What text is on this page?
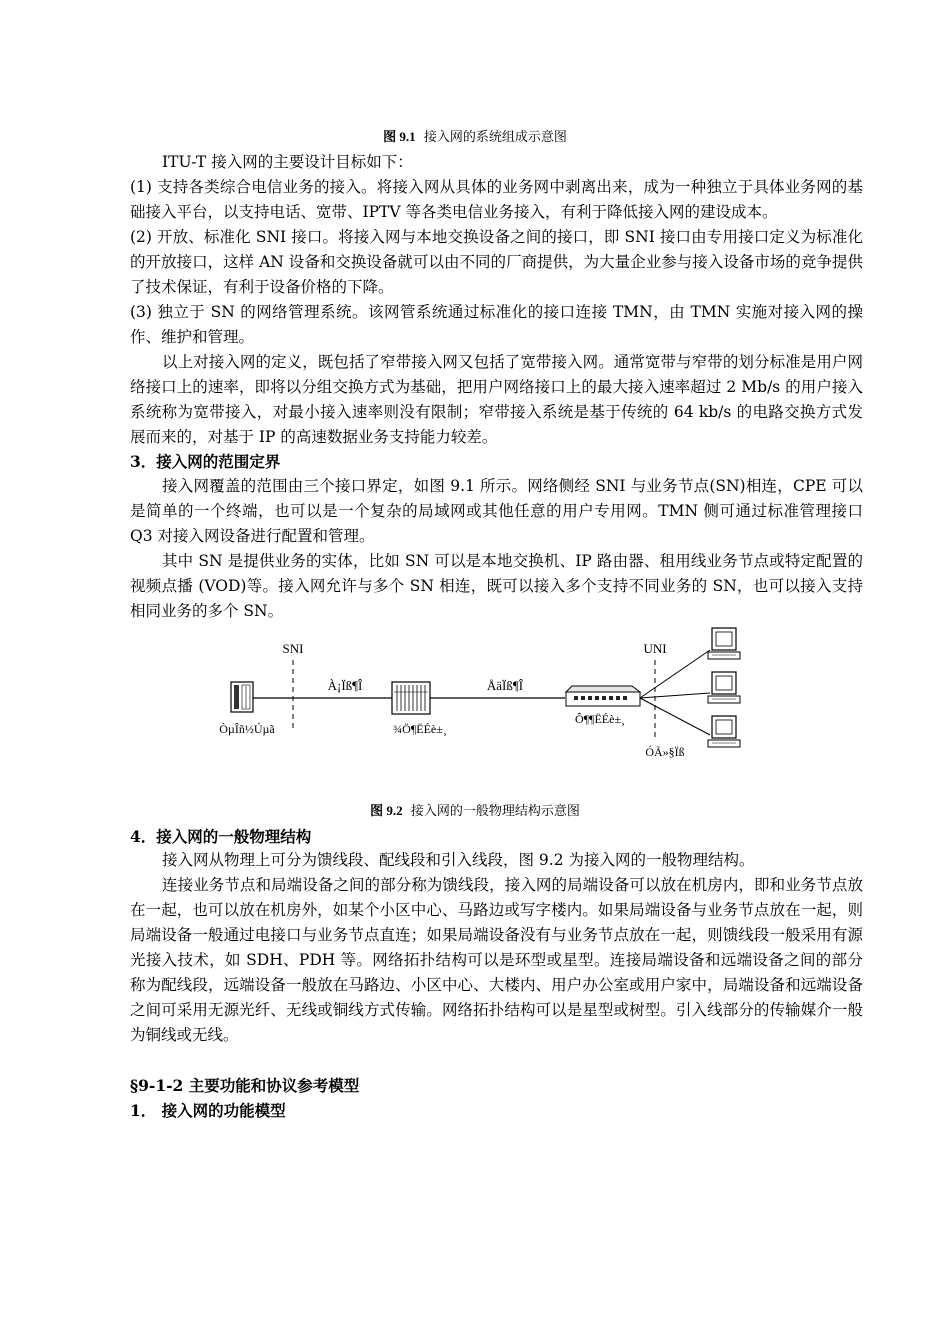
图 9.1 接入网的系统组成示意图

ITU-T 接入网的主要设计目标如下：

(1) 支持各类综合电信业务的接入。将接入网从具体的业务网中剥离出来，成为一种独立于具体业务网的基础接入平台，以支持电话、宽带、IPTV 等各类电信业务接入，有利于降低接入网的建设成本。

(2) 开放、标准化 SNI 接口。将接入网与本地交换设备之间的接口，即 SNI 接口由专用接口定义为标准化的开放接口，这样 AN 设备和交换设备就可以由不同的厂商提供，为大量企业参与接入设备市场的竞争提供了技术保证，有利于设备价格的下降。

(3) 独立于 SN 的网络管理系统。该网管系统通过标准化的接口连接 TMN，由 TMN 实施对接入网的操作、维护和管理。

以上对接入网的定义，既包括了窄带接入网又包括了宽带接入网。通常宽带与窄带的划分标准是用户网络接口上的速率，即将以分组交换方式为基础，把用户网络接口上的最大接入速率超过 2 Mb/s 的用户接入系统称为宽带接入，对最小接入速率则没有限制；窄带接入系统是基于传统的 64 kb/s 的电路交换方式发展而来的，对基于 IP 的高速数据业务支持能力较差。

3．接入网的范围定界

接入网覆盖的范围由三个接口界定，如图 9.1 所示。网络侧经 SNI 与业务节点(SN)相连，CPE 可以是简单的一个终端，也可以是一个复杂的局域网或其他任意的用户专用网。TMN 侧可通过标准管理接口 Q3 对接入网设备进行配置和管理。

其中 SN 是提供业务的实体，比如 SN 可以是本地交换机、IP 路由器、租用线业务节点或特定配置的视频点播 (VOD)等。接入网允许与多个 SN 相连，既可以接入多个支持不同业务的 SN，也可以接入支持相同业务的多个 SN。

SNI	UNI
ÒµÎñ½Úµã
À¡Ïß¶Î
¾Ö¶ËÉè±¸
ÅäÏß¶Î
Ô¶¶ËÉè±¸
ÓÃ»§Ïß
图 9.2 接入网的一般物理结构示意图

4．接入网的一般物理结构

接入网从物理上可分为馈线段、配线段和引入线段，图 9.2 为接入网的一般物理结构。

连接业务节点和局端设备之间的部分称为馈线段，接入网的局端设备可以放在机房内，即和业务节点放在一起，也可以放在机房外，如某个小区中心、马路边或写字楼内。如果局端设备与业务节点放在一起，则局端设备一般通过电接口与业务节点直连；如果局端设备没有与业务节点放在一起，则馈线段一般采用有源光接入技术，如 SDH、PDH 等。网络拓扑结构可以是环型或星型。连接局端设备和远端设备之间的部分称为配线段，远端设备一般放在马路边、小区中心、大楼内、用户办公室或用户家中，局端设备和远端设备之间可采用无源光纤、无线或铜线方式传输。网络拓扑结构可以是星型或树型。引入线部分的传输媒介一般为铜线或无线。

§9-1-2 主要功能和协议参考模型

1． 接入网的功能模型
